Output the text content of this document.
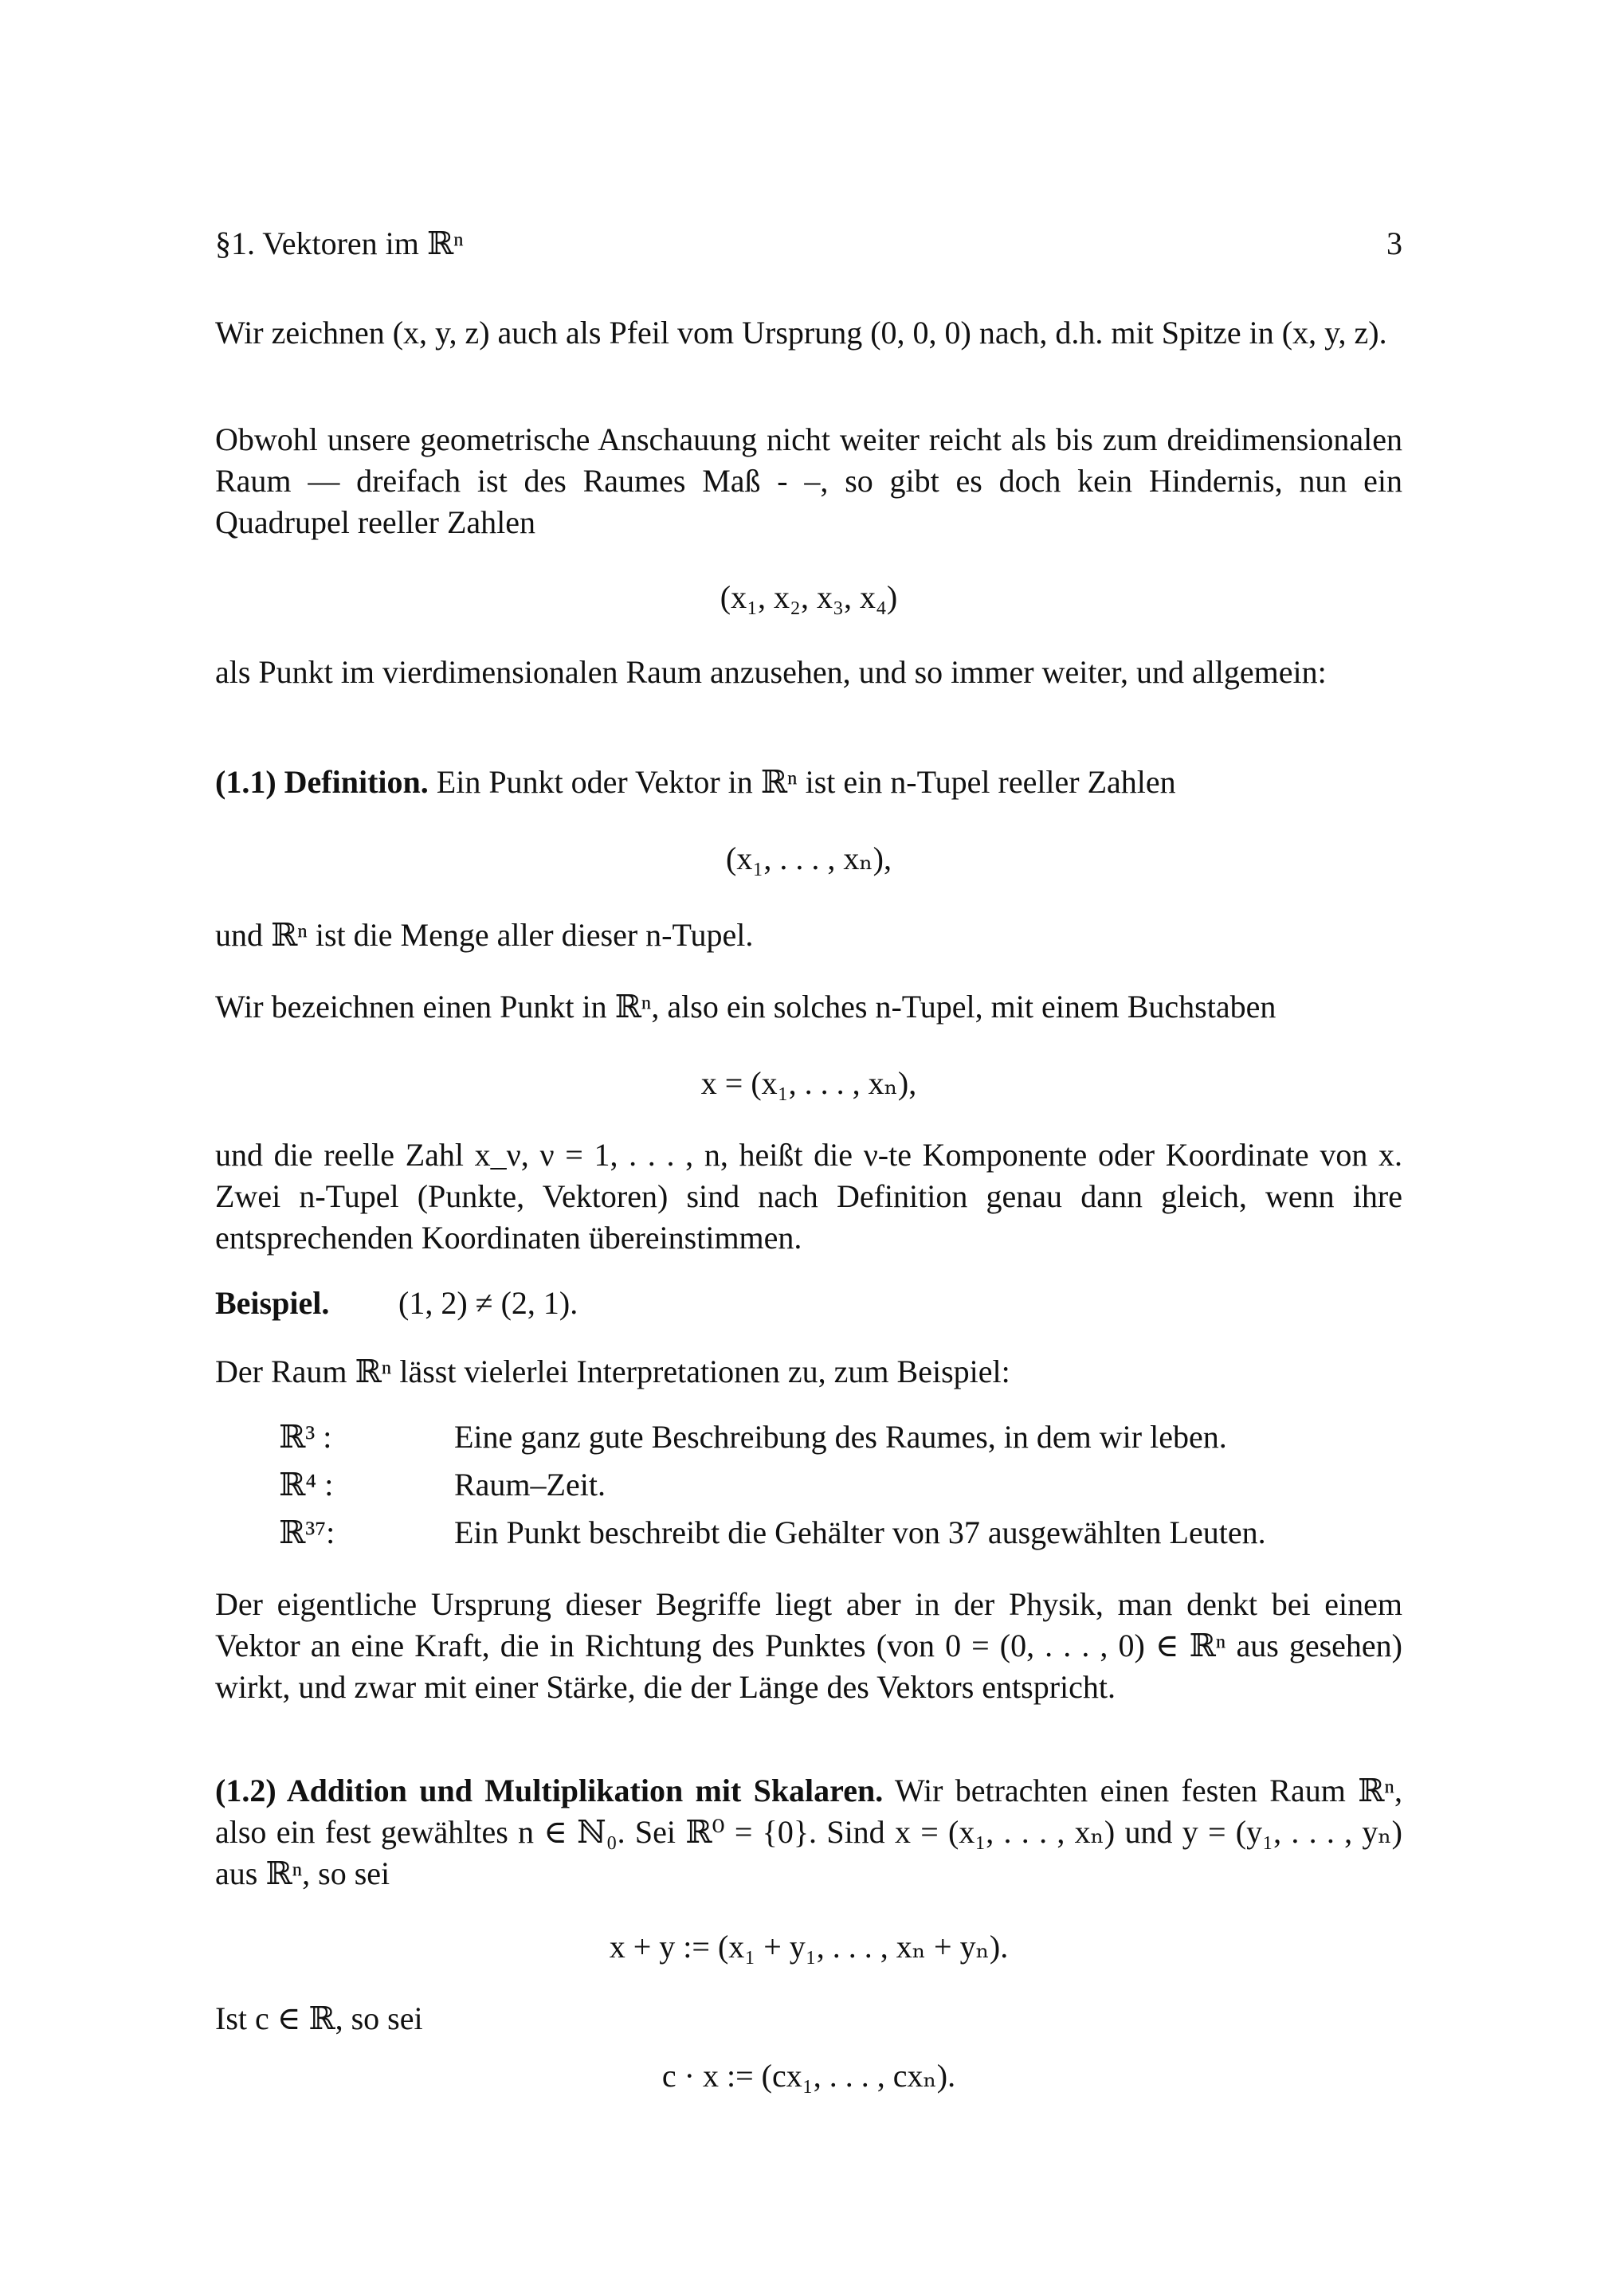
§1. Vektoren im ℝⁿ	3
Wir zeichnen (x, y, z) auch als Pfeil vom Ursprung (0, 0, 0) nach, d.h. mit Spitze in (x, y, z).
Obwohl unsere geometrische Anschauung nicht weiter reicht als bis zum dreidimensionalen Raum — dreifach ist des Raumes Maß - –, so gibt es doch kein Hindernis, nun ein Quadrupel reeller Zahlen
(x₁, x₂, x₃, x₄)
als Punkt im vierdimensionalen Raum anzusehen, und so immer weiter, und allgemein:
(1.1) Definition. Ein Punkt oder Vektor in ℝⁿ ist ein n-Tupel reeller Zahlen
(x₁, . . . , xₙ),
und ℝⁿ ist die Menge aller dieser n-Tupel.
Wir bezeichnen einen Punkt in ℝⁿ, also ein solches n-Tupel, mit einem Buchstaben
x = (x₁, . . . , xₙ),
und die reelle Zahl x_ν, ν = 1, . . . , n, heißt die ν-te Komponente oder Koordinate von x. Zwei n-Tupel (Punkte, Vektoren) sind nach Definition genau dann gleich, wenn ihre entsprechenden Koordinaten übereinstimmen.
Beispiel. (1, 2) ≠ (2, 1).
Der Raum ℝⁿ lässt vielerlei Interpretationen zu, zum Beispiel:
ℝ³ :	Eine ganz gute Beschreibung des Raumes, in dem wir leben.
ℝ⁴ :	Raum–Zeit.
ℝ³⁷:	Ein Punkt beschreibt die Gehälter von 37 ausgewählten Leuten.
Der eigentliche Ursprung dieser Begriffe liegt aber in der Physik, man denkt bei einem Vektor an eine Kraft, die in Richtung des Punktes (von 0 = (0, . . . , 0) ∈ ℝⁿ aus gesehen) wirkt, und zwar mit einer Stärke, die der Länge des Vektors entspricht.
(1.2) Addition und Multiplikation mit Skalaren. Wir betrachten einen festen Raum ℝⁿ, also ein fest gewähltes n ∈ ℕ₀. Sei ℝ⁰ = {0}. Sind x = (x₁, . . . , xₙ) und y = (y₁, . . . , yₙ) aus ℝⁿ, so sei
x + y := (x₁ + y₁, . . . , xₙ + yₙ).
Ist c ∈ ℝ, so sei
c · x := (cx₁, . . . , cxₙ).
